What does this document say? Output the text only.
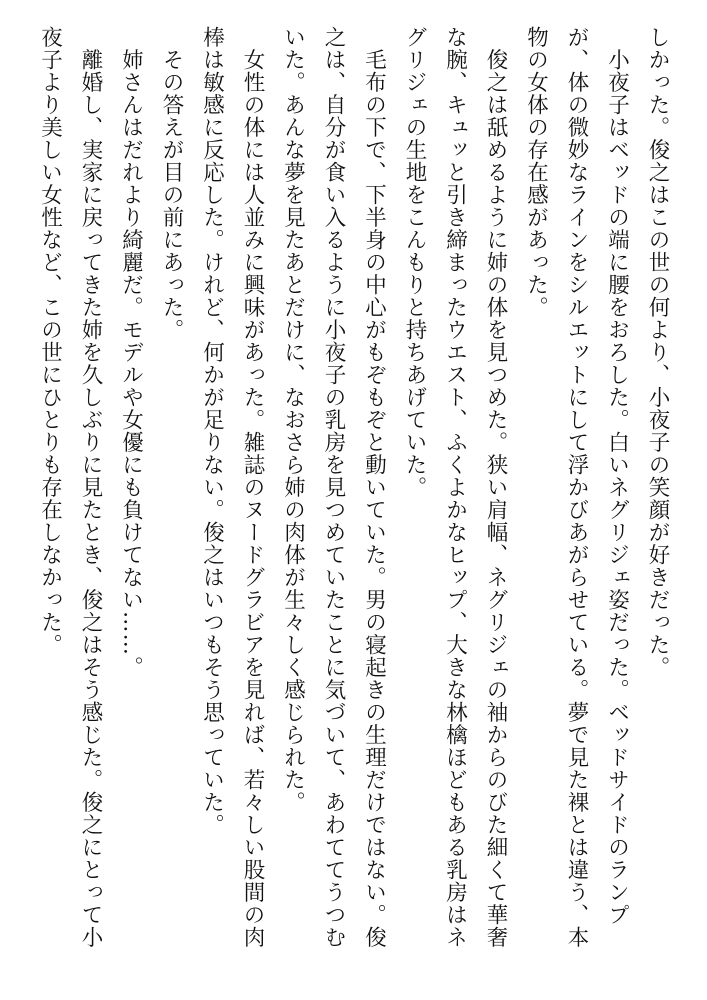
しかった。俊之はこの世の何より、小夜子の笑顔が好きだった。

　小夜子はベッドの端に腰をおろした。白いネグリジェ姿だった。ベッドサイドのランプ

が、体の微妙なラインをシルエットにして浮かびあがらせている。夢で見た裸とは違う、本

物の女体の存在感があった。

　俊之は舐めるように姉の体を見つめた。狭い肩幅、ネグリジェの袖からのびた細くて華奢

な腕、キュッと引き締まったウエスト、ふくよかなヒップ、大きな林檎ほどもある乳房はネ

グリジェの生地をこんもりと持ちあげていた。

　毛布の下で、下半身の中心がもぞもぞと動いていた。男の寝起きの生理だけではない。俊

之は、自分が食い入るように小夜子の乳房を見つめていたことに気づいて、あわててうつむ

いた。あんな夢を見たあとだけに、なおさら姉の肉体が生々しく感じられた。

　女性の体には人並みに興味があった。雑誌のヌードグラビアを見れば、若々しい股間の肉

棒は敏感に反応した。けれど、何かが足りない。俊之はいつもそう思っていた。

　その答えが目の前にあった。

　姉さんはだれより綺麗だ。モデルや女優にも負けてない……。

　離婚し、実家に戻ってきた姉を久しぶりに見たとき、俊之はそう感じた。俊之にとって小

夜子より美しい女性など、この世にひとりも存在しなかった。
